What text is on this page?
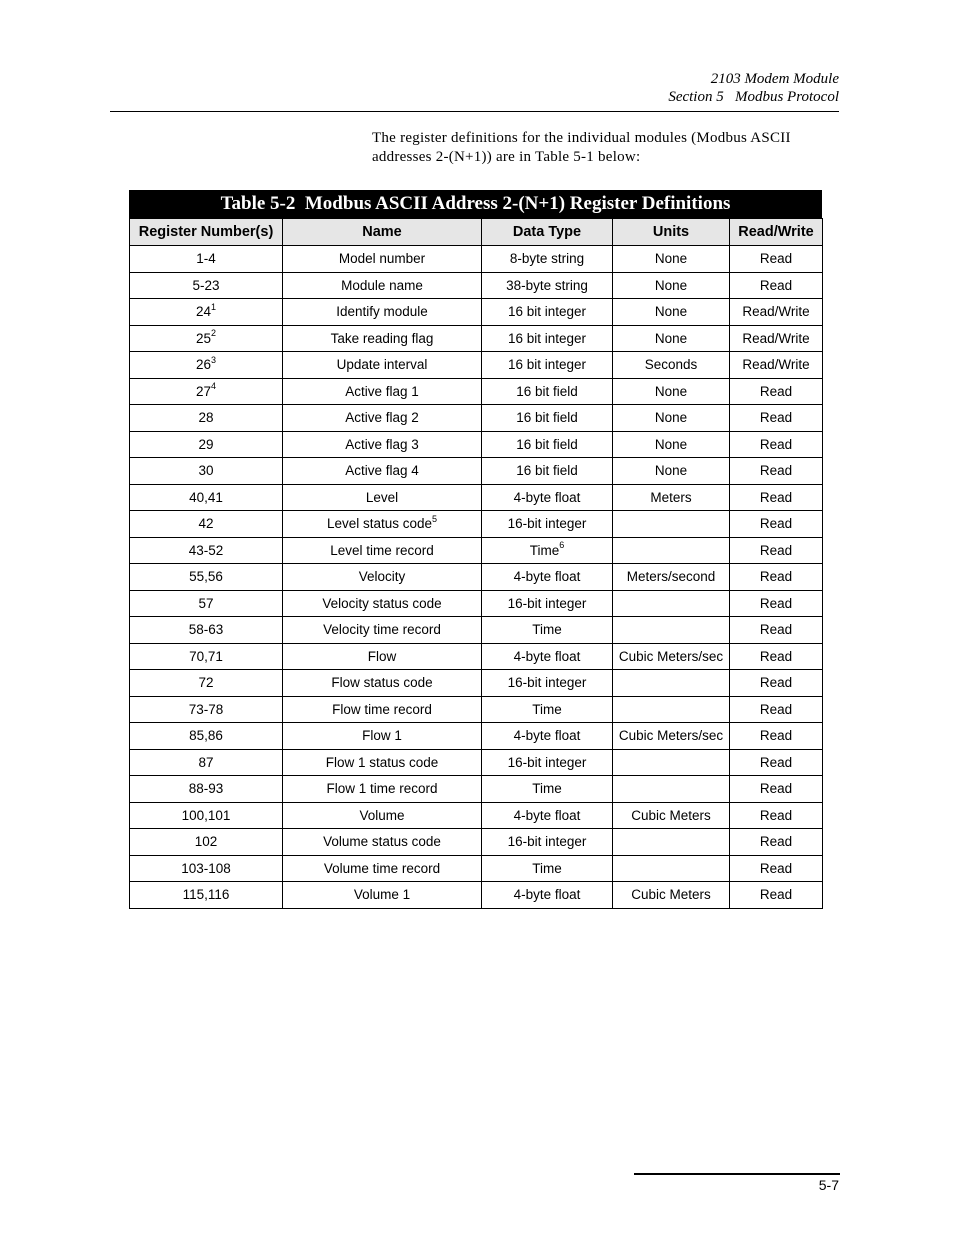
2103 Modem Module
Section 5   Modbus Protocol
The register definitions for the individual modules (Modbus ASCII addresses 2-(N+1)) are in Table 5-1 below:
Table 5-2  Modbus ASCII Address 2-(N+1) Register Definitions
Register Number(s)	Name	Data Type	Units	Read/Write
1-4	Model number	8-byte string	None	Read
5-23	Module name	38-byte string	None	Read
$24^1$	Identify module	16 bit integer	None	Read/Write
$25^2$	Take reading flag	16 bit integer	None	Read/Write
$26^3$	Update interval	16 bit integer	Seconds	Read/Write
$27^4$	Active flag 1	16 bit field	None	Read
28	Active flag 2	16 bit field	None	Read
29	Active flag 3	16 bit field	None	Read
30	Active flag 4	16 bit field	None	Read
40,41	Level	4-byte float	Meters	Read
42	Level status code$^5$	16-bit integer		Read
43-52	Level time record	Time$^6$		Read
55,56	Velocity	4-byte float	Meters/second	Read
57	Velocity status code	16-bit integer		Read
58-63	Velocity time record	Time		Read
70,71	Flow	4-byte float	Cubic Meters/sec	Read
72	Flow status code	16-bit integer		Read
73-78	Flow time record	Time		Read
85,86	Flow 1	4-byte float	Cubic Meters/sec	Read
87	Flow 1 status code	16-bit integer		Read
88-93	Flow 1 time record	Time		Read
100,101	Volume	4-byte float	Cubic Meters	Read
102	Volume status code	16-bit integer		Read
103-108	Volume time record	Time		Read
115,116	Volume 1	4-byte float	Cubic Meters	Read
5-7
